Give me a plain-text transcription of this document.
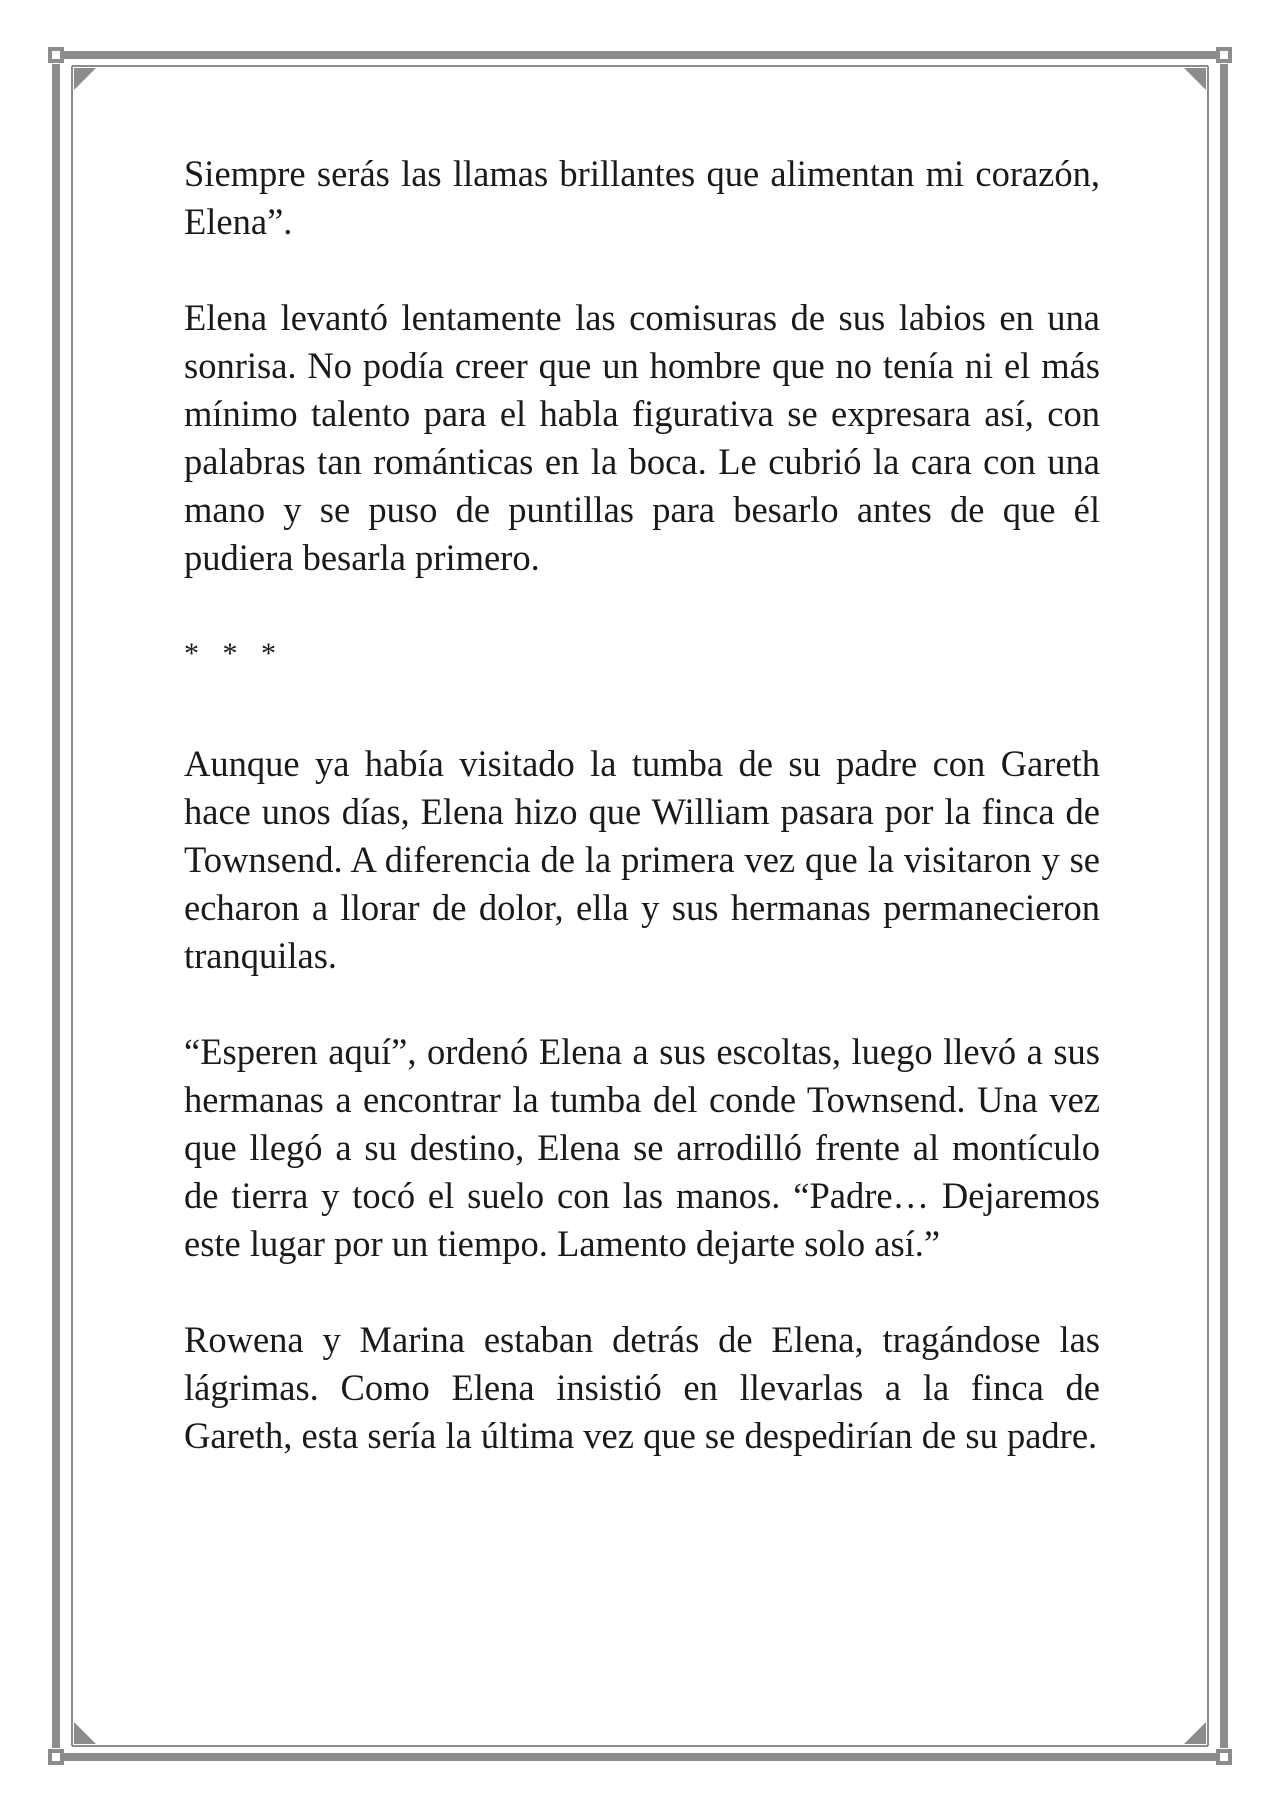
Siempre serás las llamas brillantes que alimentan mi corazón, Elena”.

Elena levantó lentamente las comisuras de sus labios en una sonrisa. No podía creer que un hombre que no tenía ni el más mínimo talento para el habla figurativa se expresara así, con palabras tan románticas en la boca. Le cubrió la cara con una mano y se puso de puntillas para besarlo antes de que él pudiera besarla primero.

* * *

Aunque ya había visitado la tumba de su padre con Gareth hace unos días, Elena hizo que William pasara por la finca de Townsend. A diferencia de la primera vez que la visitaron y se echaron a llorar de dolor, ella y sus hermanas permanecieron tranquilas.

“Esperen aquí”, ordenó Elena a sus escoltas, luego llevó a sus hermanas a encontrar la tumba del conde Townsend. Una vez que llegó a su destino, Elena se arrodilló frente al montículo de tierra y tocó el suelo con las manos. “Padre… Dejaremos este lugar por un tiempo. Lamento dejarte solo así.”

Rowena y Marina estaban detrás de Elena, tragándose las lágrimas. Como Elena insistió en llevarlas a la finca de Gareth, esta sería la última vez que se despedirían de su padre.
